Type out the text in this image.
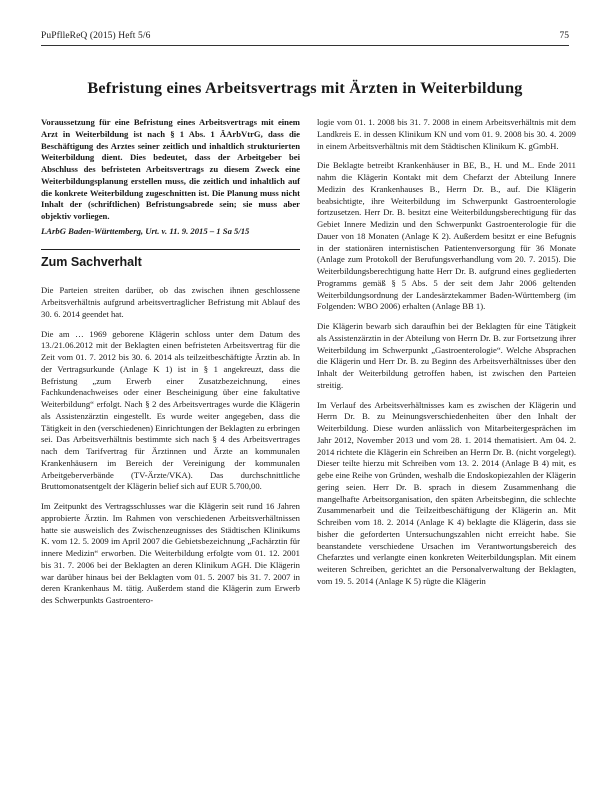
PuPflleReQ (2015) Heft 5/6	75
Befristung eines Arbeitsvertrags mit Ärzten in Weiterbildung

Voraussetzung für eine Befristung eines Arbeitsvertrags mit einem Arzt in Weiterbildung ist nach § 1 Abs. 1 ÄArbVtrG, dass die Beschäftigung des Arztes seiner zeitlich und inhaltlich strukturierten Weiterbildung dient. Dies bedeutet, dass der Arbeitgeber bei Abschluss des befristeten Arbeitsvertrags zu diesem Zweck eine Weiterbildungsplanung erstellen muss, die zeitlich und inhaltlich auf die konkrete Weiterbildung zugeschnitten ist. Die Planung muss nicht Inhalt der (schriftlichen) Befristungsabrede sein; sie muss aber objektiv vorliegen.

LArbG Baden-Württemberg, Urt. v. 11. 9. 2015 – 1 Sa 5/15

Zum Sachverhalt

Die Parteien streiten darüber, ob das zwischen ihnen geschlossene Arbeitsverhältnis aufgrund arbeitsvertraglicher Befristung mit Ablauf des 30. 6. 2014 geendet hat.

Die am … 1969 geborene Klägerin schloss unter dem Datum des 13./21.06.2012 mit der Beklagten einen befristeten Arbeitsvertrag für die Zeit vom 01. 7. 2012 bis 30. 6. 2014 als teilzeitbeschäftigte Ärztin ab. In der Vertragsurkunde (Anlage K 1) ist in § 1 angekreuzt, dass die Befristung „zum Erwerb einer Zusatzbezeichnung, eines Fachkundenachweises oder einer Bescheinigung über eine fakultative Weiterbildung“ erfolgt. Nach § 2 des Arbeitsvertrages wurde die Klägerin als Assistenzärztin eingestellt. Es wurde weiter angegeben, dass die Tätigkeit in den (verschiedenen) Einrichtungen der Beklagten zu erbringen sei. Das Arbeitsverhältnis bestimmte sich nach § 4 des Arbeitsvertrages nach dem Tarifvertrag für Ärztinnen und Ärzte an kommunalen Krankenhäusern im Bereich der Vereinigung der kommunalen Arbeitgeberverbände (TV-Ärzte/VKA). Das durchschnittliche Bruttomonatsentgelt der Klägerin belief sich auf EUR 5.700,00.

Im Zeitpunkt des Vertragsschlusses war die Klägerin seit rund 16 Jahren approbierte Ärztin. Im Rahmen von verschiedenen Arbeitsverhältnissen hatte sie ausweislich des Zwischenzeugnisses des Städtischen Klinikums K. vom 12. 5. 2009 im April 2007 die Gebietsbezeichnung „Fachärztin für innere Medizin“ erworben. Die Weiterbildung erfolgte vom 01. 12. 2001 bis 31. 7. 2006 bei der Beklagten an deren Klinikum AGH. Die Klägerin war darüber hinaus bei der Beklagten vom 01. 5. 2007 bis 31. 7. 2007 in deren Krankenhaus M. tätig. Außerdem stand die Klägerin zum Erwerb des Schwerpunkts Gastroentero-

logie vom 01. 1. 2008 bis 31. 7. 2008 in einem Arbeitsverhältnis mit dem Landkreis E. in dessen Klinikum KN und vom 01. 9. 2008 bis 30. 4. 2009 in einem Arbeitsverhältnis mit dem Städtischen Klinikum K. gGmbH.

Die Beklagte betreibt Krankenhäuser in BE, B., H. und M.. Ende 2011 nahm die Klägerin Kontakt mit dem Chefarzt der Abteilung Innere Medizin des Krankenhauses B., Herrn Dr. B., auf. Die Klägerin beabsichtigte, ihre Weiterbildung im Schwerpunkt Gastroenterologie fortzusetzen. Herr Dr. B. besitzt eine Weiterbildungsberechtigung für das Gebiet Innere Medizin und den Schwerpunkt Gastroenterologie für die Dauer von 18 Monaten (Anlage K 2). Außerdem besitzt er eine Befugnis in der stationären internistischen Patientenversorgung für 36 Monate (Anlage zum Protokoll der Berufungsverhandlung vom 20. 7. 2015). Die Weiterbildungsberechtigung hatte Herr Dr. B. aufgrund eines gegliederten Programms gemäß § 5 Abs. 5 der seit dem Jahr 2006 geltenden Weiterbildungsordnung der Landesärztekammer Baden-Württemberg (im Folgenden: WBO 2006) erhalten (Anlage BB 1).

Die Klägerin bewarb sich daraufhin bei der Beklagten für eine Tätigkeit als Assistenzärztin in der Abteilung von Herrn Dr. B. zur Fortsetzung ihrer Weiterbildung im Schwerpunkt „Gastroenterologie“. Welche Absprachen die Klägerin und Herr Dr. B. zu Beginn des Arbeitsverhältnisses über den Inhalt der Weiterbildung getroffen haben, ist zwischen den Parteien streitig.

Im Verlauf des Arbeitsverhältnisses kam es zwischen der Klägerin und Herrn Dr. B. zu Meinungsverschiedenheiten über den Inhalt der Weiterbildung. Diese wurden anlässlich von Mitarbeitergesprächen im Jahr 2012, November 2013 und vom 28. 1. 2014 thematisiert. Am 04. 2. 2014 richtete die Klägerin ein Schreiben an Herrn Dr. B. (nicht vorgelegt). Dieser teilte hierzu mit Schreiben vom 13. 2. 2014 (Anlage B 4) mit, es gebe eine Reihe von Gründen, weshalb die Endoskopiezahlen der Klägerin gering seien. Herr Dr. B. sprach in diesem Zusammenhang die mangelhafte Arbeitsorganisation, den späten Arbeitsbeginn, die schlechte Zusammenarbeit und die Teilzeitbeschäftigung der Klägerin an. Mit Schreiben vom 18. 2. 2014 (Anlage K 4) beklagte die Klägerin, dass sie bisher die geforderten Untersuchungszahlen nicht erreicht habe. Sie beanstandete verschiedene Ursachen im Verantwortungsbereich des Chefarztes und verlangte einen konkreten Weiterbildungsplan. Mit einem weiteren Schreiben, gerichtet an die Personalverwaltung der Beklagten, vom 19. 5. 2014 (Anlage K 5) rügte die Klägerin
